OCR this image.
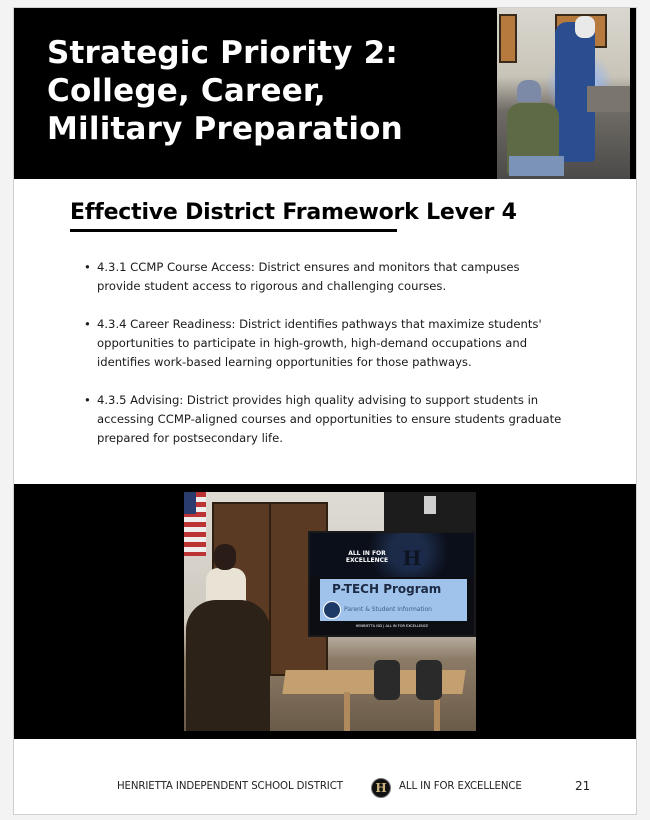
Strategic Priority 2:
College, Career,
Military Preparation
Effective District Framework Lever 4
• 4.3.1 CCMP Course Access: District ensures and monitors that campuses provide student access to rigorous and challenging courses.
• 4.3.4 Career Readiness: District identifies pathways that maximize students' opportunities to participate in high-growth, high-demand occupations and identifies work-based learning opportunities for those pathways.
• 4.3.5 Advising: District provides high quality advising to support students in accessing CCMP-aligned courses and opportunities to ensure students graduate prepared for postsecondary life.
ALL IN FOR
EXCELLENCE H
P-TECH Program
Parent & Student Information
HENRIETTA ISD | ALL IN FOR EXCELLENCE
HENRIETTA INDEPENDENT SCHOOL DISTRICT	H	ALL IN FOR EXCELLENCE	21
